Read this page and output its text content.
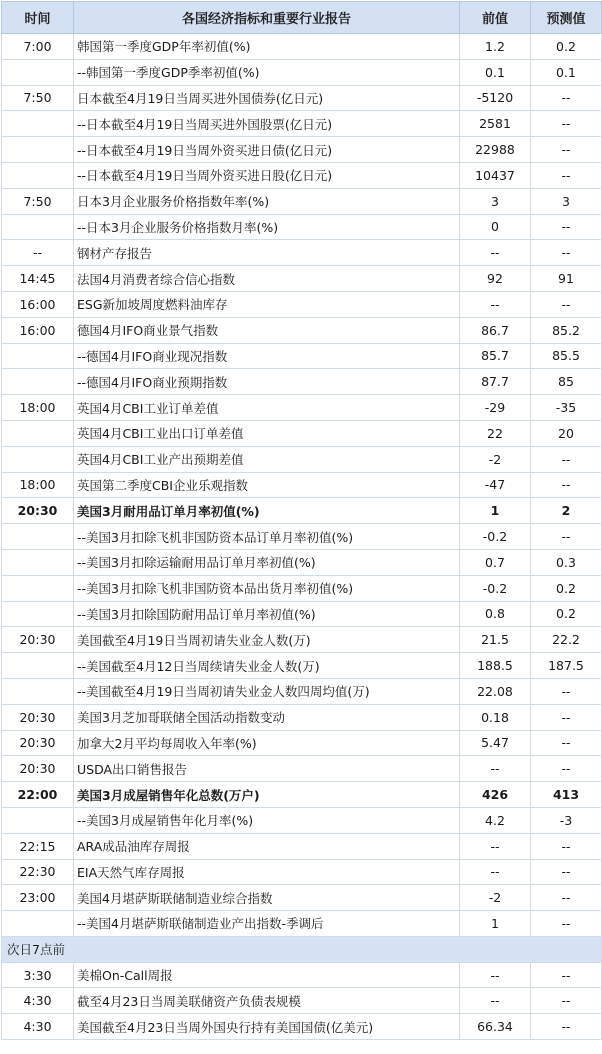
时间	各国经济指标和重要行业报告	前值	预测值
7:00	韩国第一季度GDP年率初值(%)	1.2	0.2
	--韩国第一季度GDP季率初值(%)	0.1	0.1
7:50	日本截至4月19日当周买进外国债券(亿日元)	-5120	--
	--日本截至4月19日当周买进外国股票(亿日元)	2581	--
	--日本截至4月19日当周外资买进日债(亿日元)	22988	--
	--日本截至4月19日当周外资买进日股(亿日元)	10437	--
7:50	日本3月企业服务价格指数年率(%)	3	3
	--日本3月企业服务价格指数月率(%)	0	--
--	钢材产存报告	--	--
14:45	法国4月消费者综合信心指数	92	91
16:00	ESG新加坡周度燃料油库存	--	--
16:00	德国4月IFO商业景气指数	86.7	85.2
	--德国4月IFO商业现况指数	85.7	85.5
	--德国4月IFO商业预期指数	87.7	85
18:00	英国4月CBI工业订单差值	-29	-35
	英国4月CBI工业出口订单差值	22	20
	英国4月CBI工业产出预期差值	-2	--
18:00	英国第二季度CBI企业乐观指数	-47	--
20:30	美国3月耐用品订单月率初值(%)	1	2
	--美国3月扣除飞机非国防资本品订单月率初值(%)	-0.2	--
	--美国3月扣除运输耐用品订单月率初值(%)	0.7	0.3
	--美国3月扣除飞机非国防资本品出货月率初值(%)	-0.2	0.2
	--美国3月扣除国防耐用品订单月率初值(%)	0.8	0.2
20:30	美国截至4月19日当周初请失业金人数(万)	21.5	22.2
	--美国截至4月12日当周续请失业金人数(万)	188.5	187.5
	--美国截至4月19日当周初请失业金人数四周均值(万)	22.08	--
20:30	美国3月芝加哥联储全国活动指数变动	0.18	--
20:30	加拿大2月平均每周收入年率(%)	5.47	--
20:30	USDA出口销售报告	--	--
22:00	美国3月成屋销售年化总数(万户)	426	413
	--美国3月成屋销售年化月率(%)	4.2	-3
22:15	ARA成品油库存周报	--	--
22:30	EIA天然气库存周报	--	--
23:00	美国4月堪萨斯联储制造业综合指数	-2	--
	--美国4月堪萨斯联储制造业产出指数-季调后	1	--
次日7点前			
3:30	美棉On-Call周报	--	--
4:30	截至4月23日当周美联储资产负债表规模	--	--
4:30	美国截至4月23日当周外国央行持有美国国债(亿美元)	66.34	--
